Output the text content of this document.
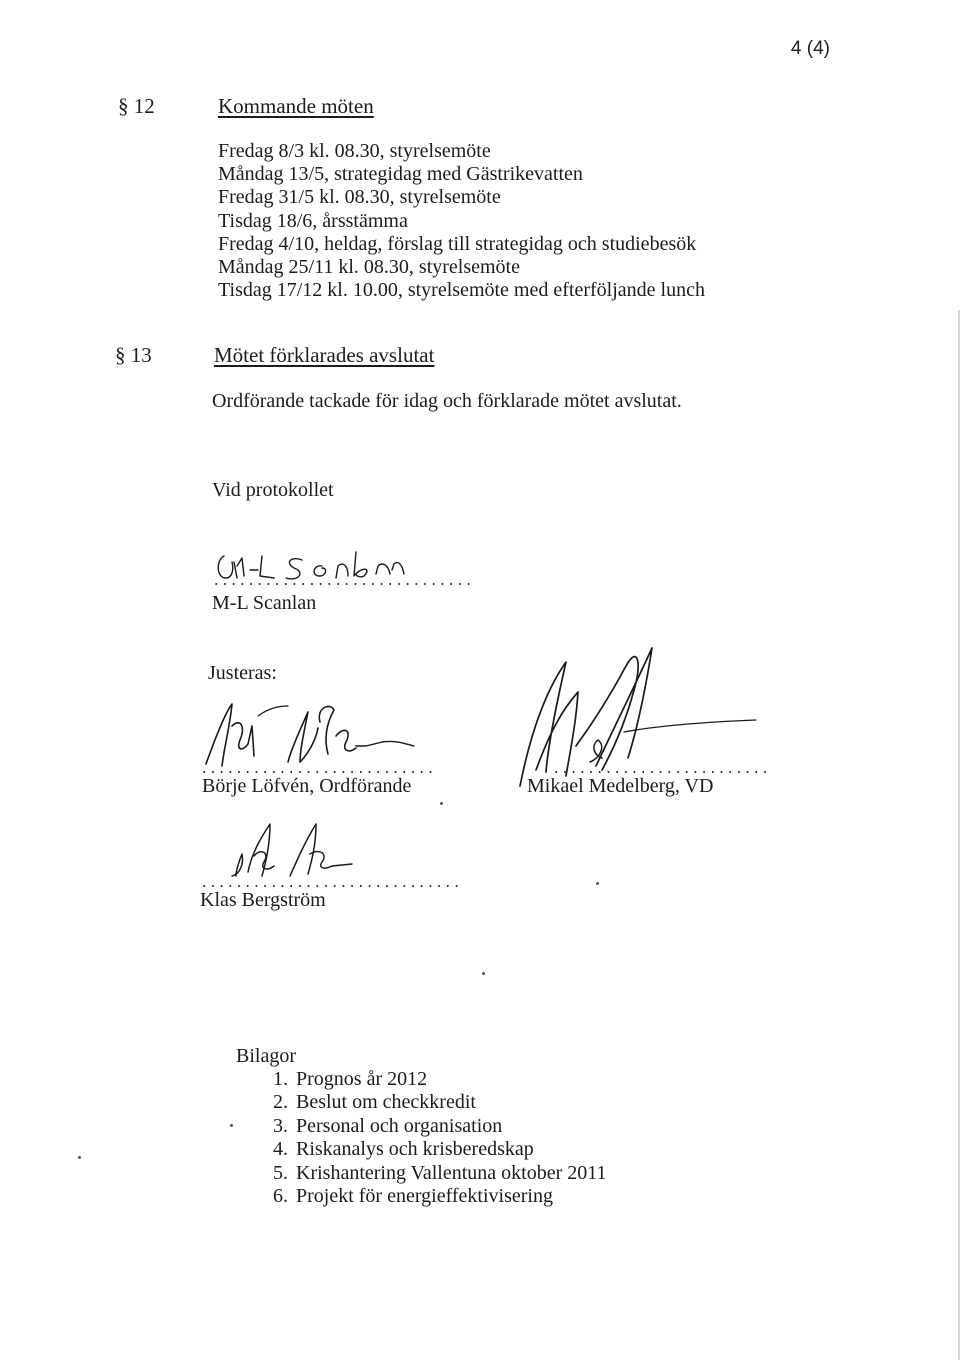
4 (4)
§ 12	Kommande möten
Fredag 8/3 kl. 08.30, styrelsemöte
Måndag 13/5, strategidag med Gästrikevatten
Fredag 31/5 kl. 08.30, styrelsemöte
Tisdag 18/6, årsstämma
Fredag 4/10, heldag, förslag till strategidag och studiebesök
Måndag 25/11 kl. 08.30, styrelsemöte
Tisdag 17/12 kl. 10.00, styrelsemöte med efterföljande lunch
§ 13	Mötet förklarades avslutat
Ordförande tackade för idag och förklarade mötet avslutat.
Vid protokollet
..............................
M-L Scanlan
Justeras:
...........................
Börje Löfvén, Ordförande
.........................
Mikael Medelberg, VD
..............................
Klas Bergström
Bilagor
1. Prognos år 2012
2. Beslut om checkkredit
3. Personal och organisation
4. Riskanalys och krisberedskap
5. Krishantering Vallentuna oktober 2011
6. Projekt för energieffektivisering
